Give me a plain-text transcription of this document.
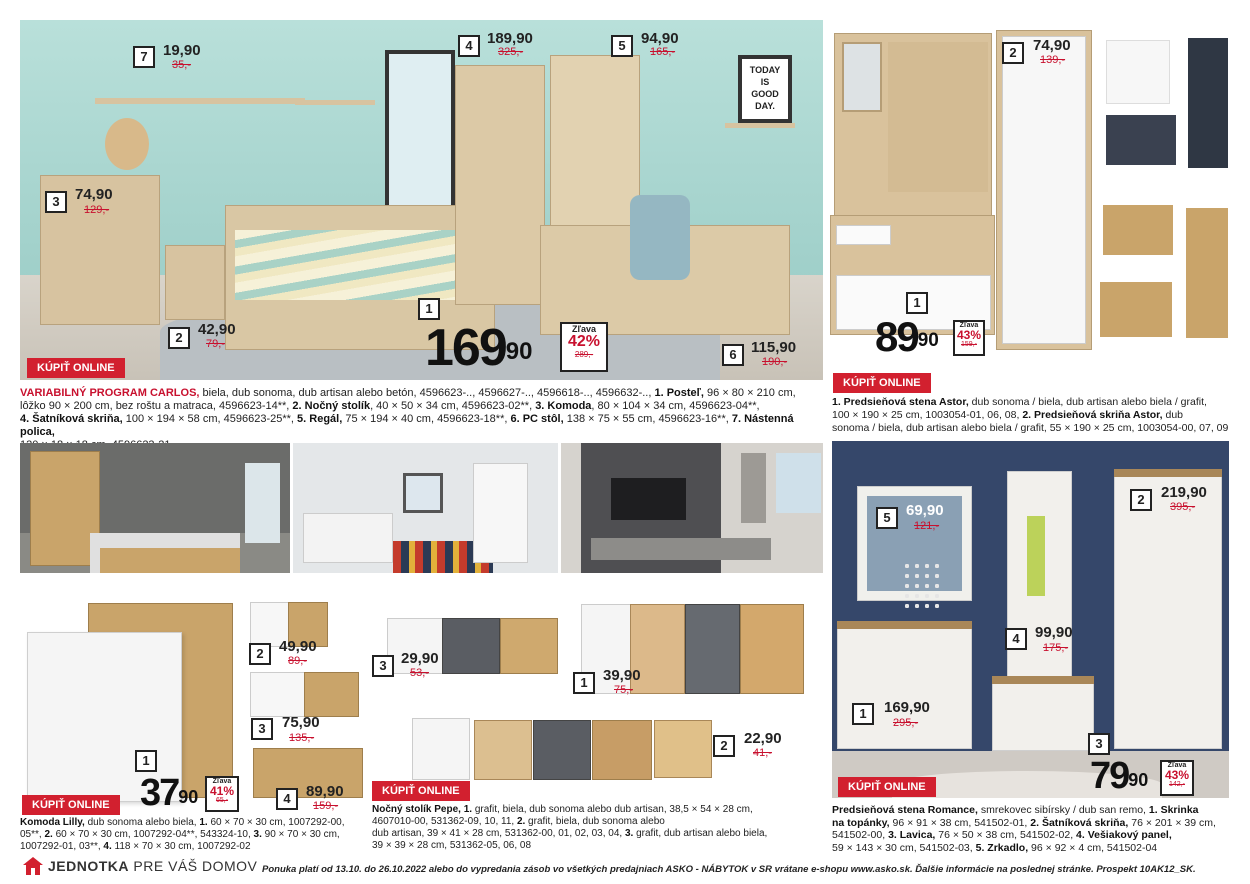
TODAY
IS
GOOD
DAY.
7	19,90
35,-
4 189,90
325,-	5	94,90
165,-
3	74,90
129,-
2	42,90
79,-
1
$169^{90}$
Zľava
42%
289,-	6 115,90
190,-
KÚPIŤ ONLINE
VARIABILNÝ PROGRAM CARLOS, biela, dub sonoma, dub artisan alebo betón, 4596623-.., 4596627-.., 4596618-.., 4596632-.., 1. Posteľ, 96 × 80 × 210 cm,
lôžko 90 × 200 cm, bez roštu a matraca, 4596623-14**, 2. Nočný stolík, 40 × 50 × 34 cm, 4596623-02**, 3. Komoda, 80 × 104 × 34 cm, 4596623-04**,
4. Šatníková skriňa, 100 × 194 × 58 cm, 4596623-25**, 5. Regál, 75 × 194 × 40 cm, 4596623-18**, 6. PC stôl, 138 × 75 × 55 cm, 4596623-16**, 7. Nástenná polica,
2	74,90
139,-
1
$89^{90}$
Zľava
43%
159,-
KÚPIŤ ONLINE
1. Predsieňová stena Astor, dub sonoma / biela, dub artisan alebo biela / grafit,
100 × 190 × 25 cm, 1003054-01, 06, 08, 2. Predsieňová skriňa Astor, dub
sonoma / biela, dub artisan alebo biela / grafit, 55 × 190 × 25 cm, 1003054-00, 07, 09
2	49,90
89,-
3	75,90
135,-
4	89,90
159,-
1
$37^{90}$
Zľava
41%
65,-
KÚPIŤ ONLINE
Komoda Lilly, dub sonoma alebo biela, 1. 60 × 70 × 30 cm, 1007292-00,
05**, 2. 60 × 70 × 30 cm, 1007292-04**, 543324-10, 3. 90 × 70 × 30 cm,
1007292-01, 03**, 4. 118 × 70 × 30 cm, 1007292-02
3 29,90
53,-
1	39,90
75,-
2	22,90
41,-
KÚPIŤ ONLINE
Nočný stolík Pepe, 1. grafit, biela, dub sonoma alebo dub artisan, 38,5 × 54 × 28 cm,
4607010-00, 531362-09, 10, 11, 2. grafit, biela, dub sonoma alebo
dub artisan, 39 × 41 × 28 cm, 531362-00, 01, 02, 03, 04, 3. grafit, dub artisan alebo biela,
39 × 39 × 28 cm, 531362-05, 06, 08
5	69,90
121,-
2	219,90
395,-
4	99,90
175,-
1	169,90
295,-
3
$79^{90}$
Zľava
43%
142,-
KÚPIŤ ONLINE
Predsieňová stena Romance, smrekovec sibírsky / dub san remo, 1. Skrinka
na topánky, 96 × 91 × 38 cm, 541502-01, 2. Šatníková skriňa, 76 × 201 × 39 cm,
541502-00, 3. Lavica, 76 × 50 × 38 cm, 541502-02, 4. Vešiakový panel,
59 × 143 × 30 cm, 541502-03, 5. Zrkadlo, 96 × 92 × 4 cm, 541502-04
JEDNOTKA PRE VÁŠ DOMOV Ponuka platí od 13.10. do 26.10.2022 alebo do vypredania zásob vo všetkých predajniach ASKO - NÁBYTOK v SR vrátane e-shopu www.asko.sk. Ďalšie informácie na poslednej stránke. Prospekt 10AK12_SK.
